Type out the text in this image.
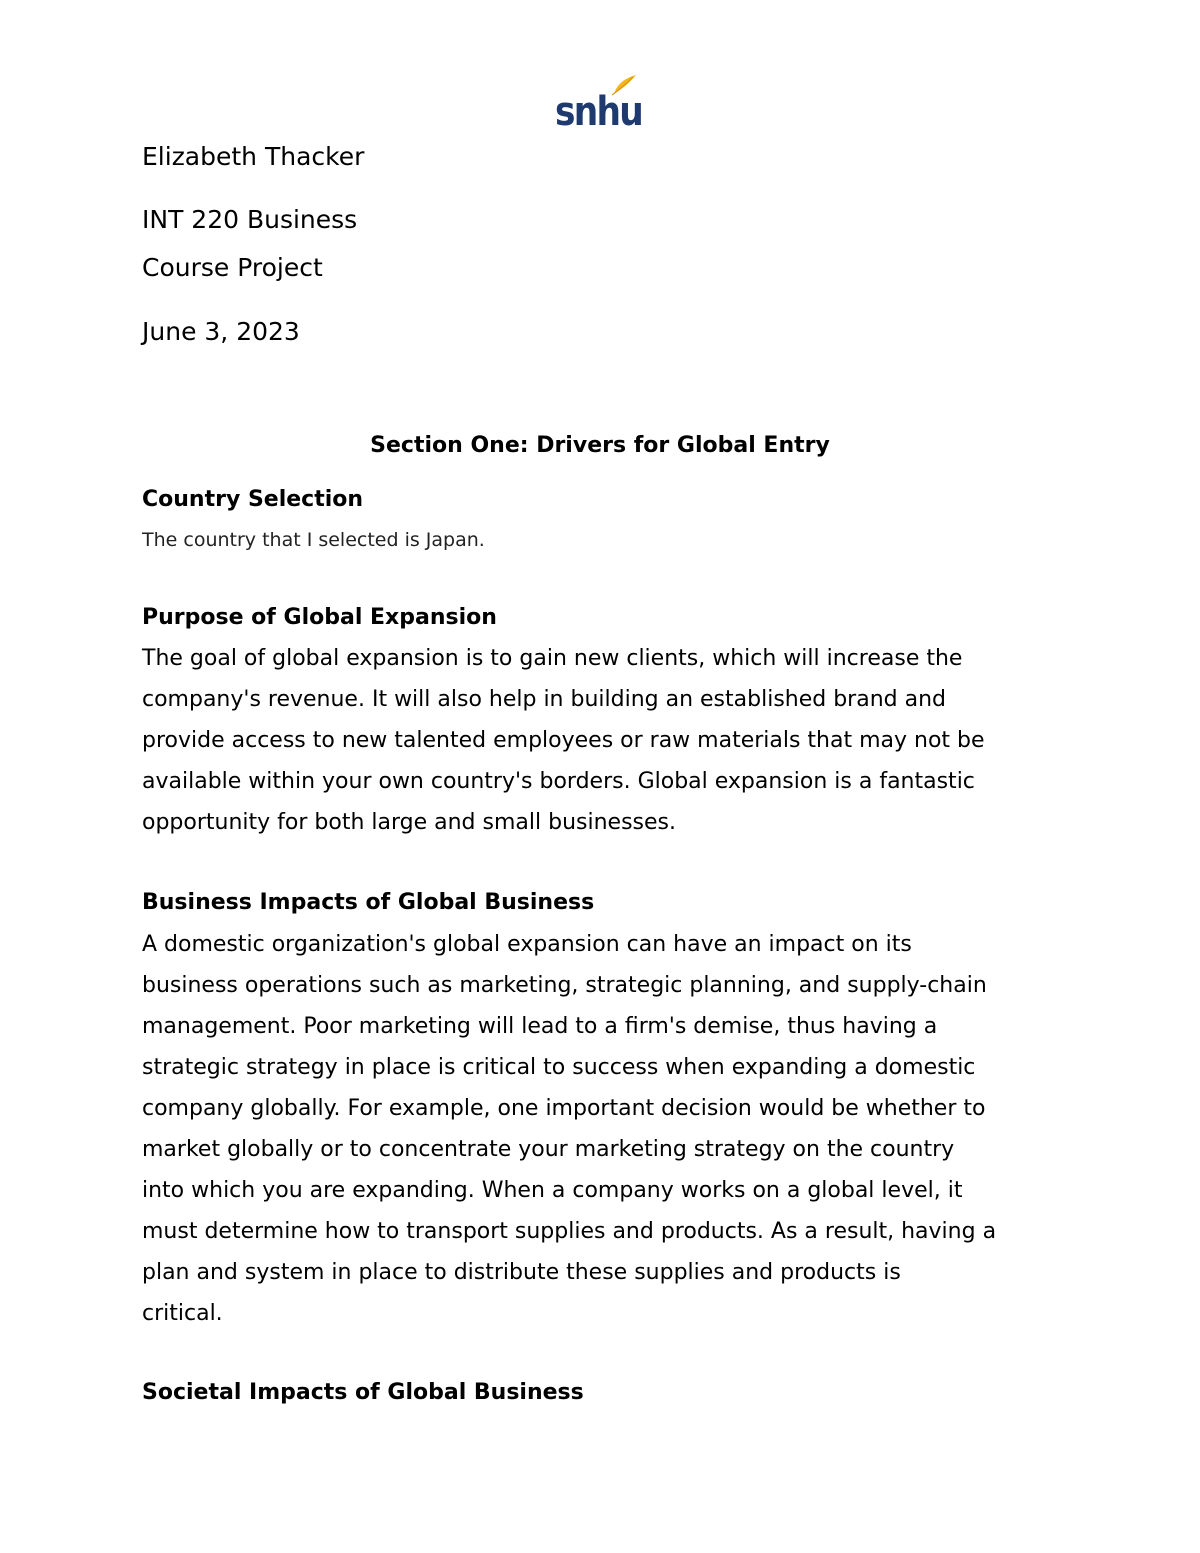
snhu
Elizabeth Thacker
INT 220 Business
Course Project
June 3, 2023
Section One: Drivers for Global Entry
Country Selection
The country that I selected is Japan.
Purpose of Global Expansion
The goal of global expansion is to gain new clients, which will increase the
company's revenue. It will also help in building an established brand and
provide access to new talented employees or raw materials that may not be
available within your own country's borders. Global expansion is a fantastic
opportunity for both large and small businesses.
Business Impacts of Global Business
A domestic organization's global expansion can have an impact on its
business operations such as marketing, strategic planning, and supply-chain
management. Poor marketing will lead to a firm's demise, thus having a
strategic strategy in place is critical to success when expanding a domestic
company globally. For example, one important decision would be whether to
market globally or to concentrate your marketing strategy on the country
into which you are expanding. When a company works on a global level, it
must determine how to transport supplies and products. As a result, having a
plan and system in place to distribute these supplies and products is
critical.
Societal Impacts of Global Business
